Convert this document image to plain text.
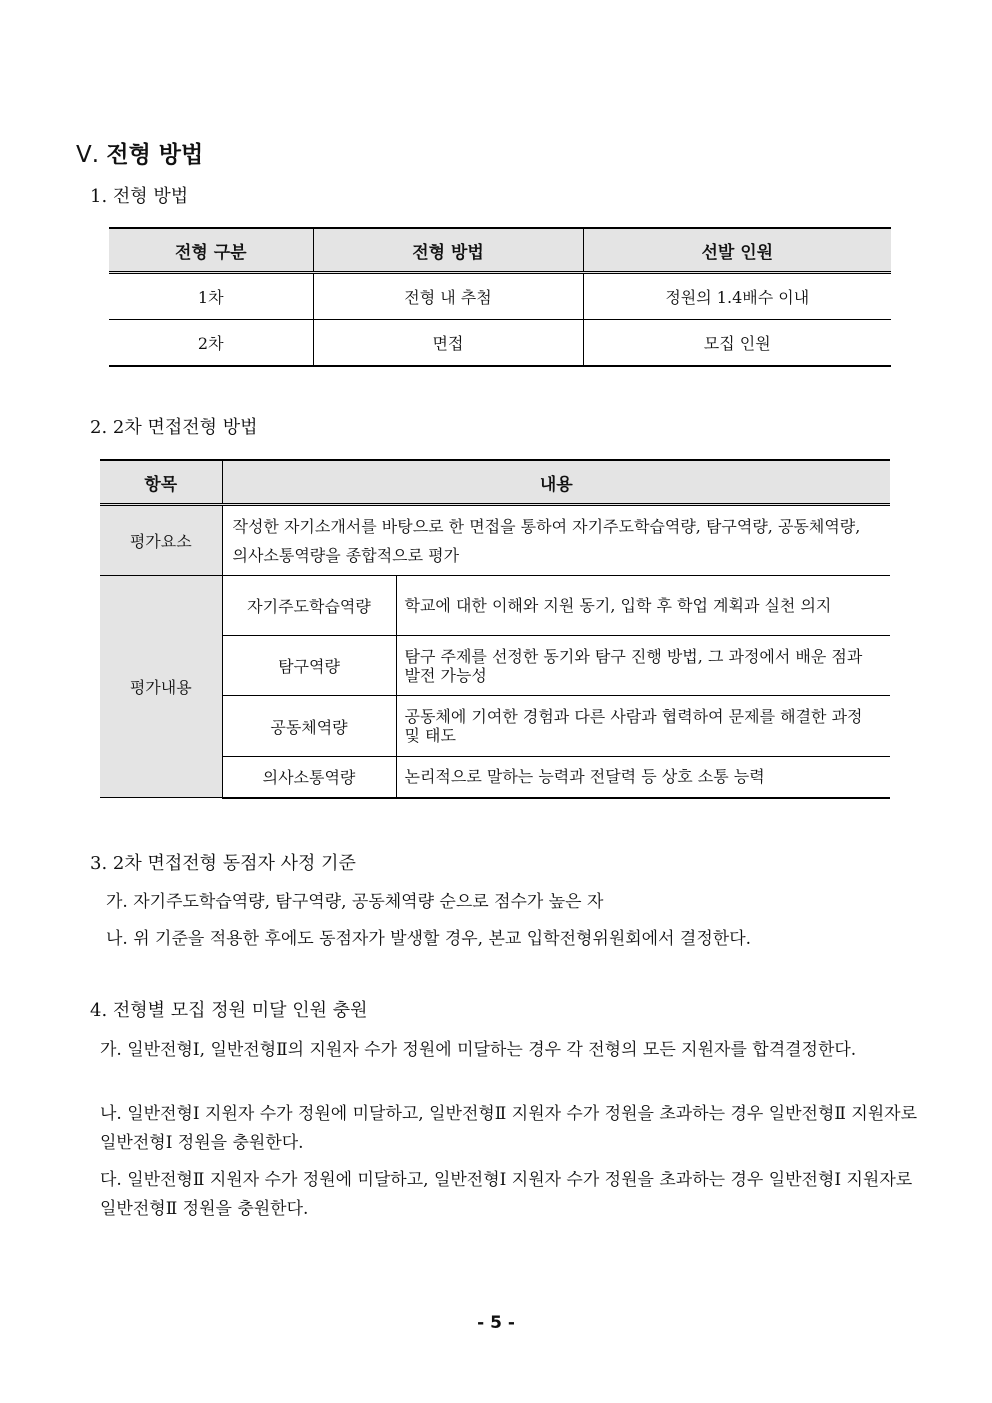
Ⅴ. 전형 방법
1. 전형 방법
전형 구분	전형 방법	선발 인원
1차	전형 내 추첨	정원의 1.4배수 이내
2차	면접	모집 인원
2. 2차 면접전형 방법
항목	내용	
평가요소	작성한 자기소개서를 바탕으로 한 면접을 통하여 자기주도학습역량, 탐구역량, 공동체역량, 의사소통역량을 종합적으로 평가	
평가내용	자기주도학습역량	학교에 대한 이해와 지원 동기, 입학 후 학업 계획과 실천 의지
	탐구역량	탐구 주제를 선정한 동기와 탐구 진행 방법, 그 과정에서 배운 점과 발전 가능성
	공동체역량	공동체에 기여한 경험과 다른 사람과 협력하여 문제를 해결한 과정 및 태도
	의사소통역량	논리적으로 말하는 능력과 전달력 등 상호 소통 능력
3. 2차 면접전형 동점자 사정 기준
가. 자기주도학습역량, 탐구역량, 공동체역량 순으로 점수가 높은 자
나. 위 기준을 적용한 후에도 동점자가 발생할 경우, 본교 입학전형위원회에서 결정한다.
4. 전형별 모집 정원 미달 인원 충원
가. 일반전형Ⅰ, 일반전형Ⅱ의 지원자 수가 정원에 미달하는 경우 각 전형의 모든 지원자를 합격결정한다.
나. 일반전형Ⅰ 지원자 수가 정원에 미달하고, 일반전형Ⅱ 지원자 수가 정원을 초과하는 경우 일반전형Ⅱ 지원자로 일반전형Ⅰ 정원을 충원한다.
다. 일반전형Ⅱ 지원자 수가 정원에 미달하고, 일반전형Ⅰ 지원자 수가 정원을 초과하는 경우 일반전형Ⅰ 지원자로 일반전형Ⅱ 정원을 충원한다.
- 5 -
